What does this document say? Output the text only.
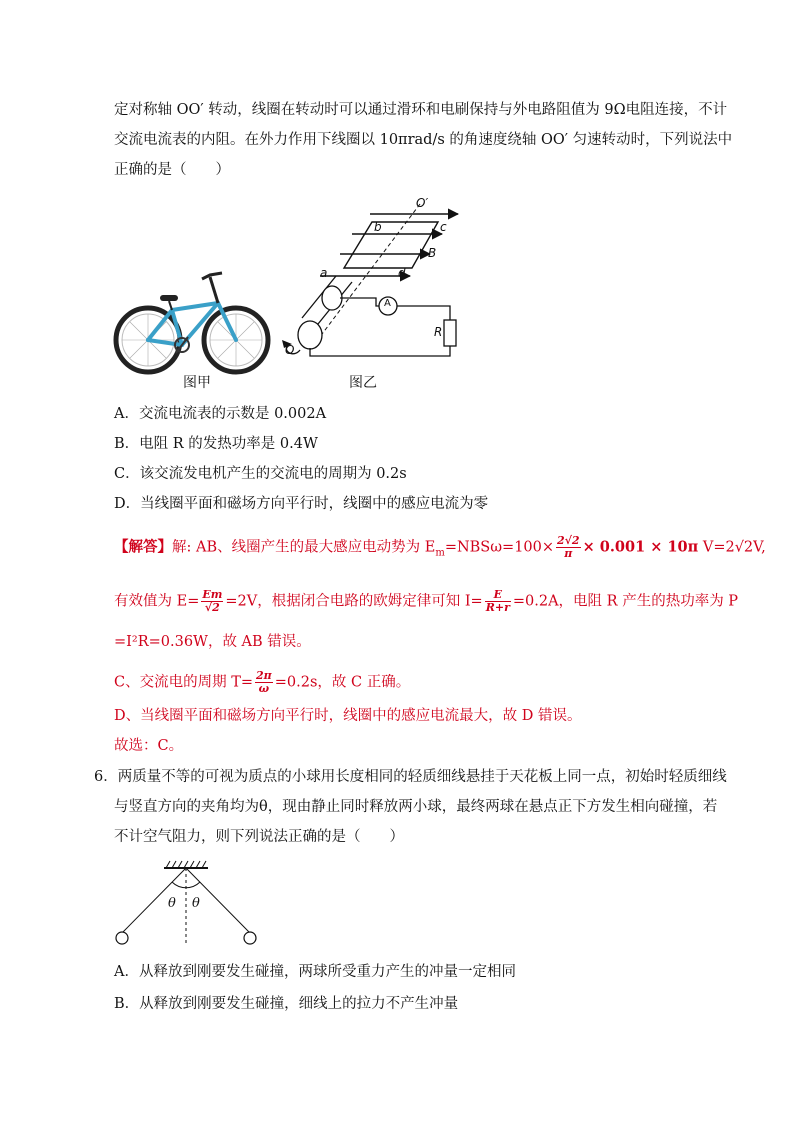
定对称轴 OO′ 转动，线圈在转动时可以通过滑环和电刷保持与外电路阻值为 9Ω电阻连接，不计
交流电流表的内阻。在外力作用下线圈以 10πrad/s 的角速度绕轴 OO′ 匀速转动时，下列说法中
正确的是（　　）
图甲
O′
b	c
B
a	d
A
R
O
图乙
A．交流电流表的示数是 0.002A
B．电阻 R 的发热功率是 0.4W
C．该交流发电机产生的交流电的周期为 0.2s
D．当线圈平面和磁场方向平行时，线圈中的感应电流为零
【解答】解: AB、线圈产生的最大感应电动势为 $E_m=NBS\omega=100\times \frac{2√2}{\pi} \times 0.001 \times 10\pi$ V=2√2V,
有效值为 $E= \frac{Em}{√2} =2V$，根据闭合电路的欧姆定律可知 $I= \frac{E}{R+r} =0.2A$，电阻 R 产生的热功率为 P
=I²R=0.36W，故 AB 错误。
C、交流电的周期 $T= \frac{2\pi}{\omega} =0.2s$，故 C 正确。
D、当线圈平面和磁场方向平行时，线圈中的感应电流最大，故 D 错误。
故选：C。
6．两质量不等的可视为质点的小球用长度相同的轻质细线悬挂于天花板上同一点，初始时轻质细线
与竖直方向的夹角均为θ，现由静止同时释放两小球，最终两球在悬点正下方发生相向碰撞，若
不计空气阻力，则下列说法正确的是（　　）
θ θ
A．从释放到刚要发生碰撞，两球所受重力产生的冲量一定相同
B．从释放到刚要发生碰撞，细线上的拉力不产生冲量
